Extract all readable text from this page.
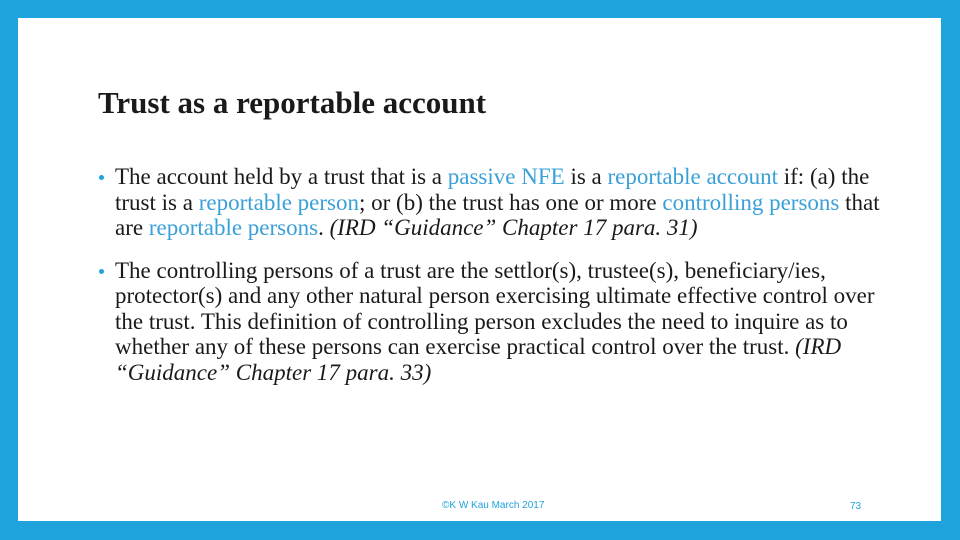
Trust as a reportable account
The account held by a trust that is a passive NFE is a reportable account if: (a) the trust is a reportable person; or (b) the trust has one or more controlling persons that are reportable persons. (IRD “Guidance” Chapter 17 para. 31)
The controlling persons of a trust are the settlor(s), trustee(s), beneficiary/ies, protector(s) and any other natural person exercising ultimate effective control over the trust. This definition of controlling person excludes the need to inquire as to whether any of these persons can exercise practical control over the trust. (IRD “Guidance” Chapter 17 para. 33)
©K W Kau March 2017	73
